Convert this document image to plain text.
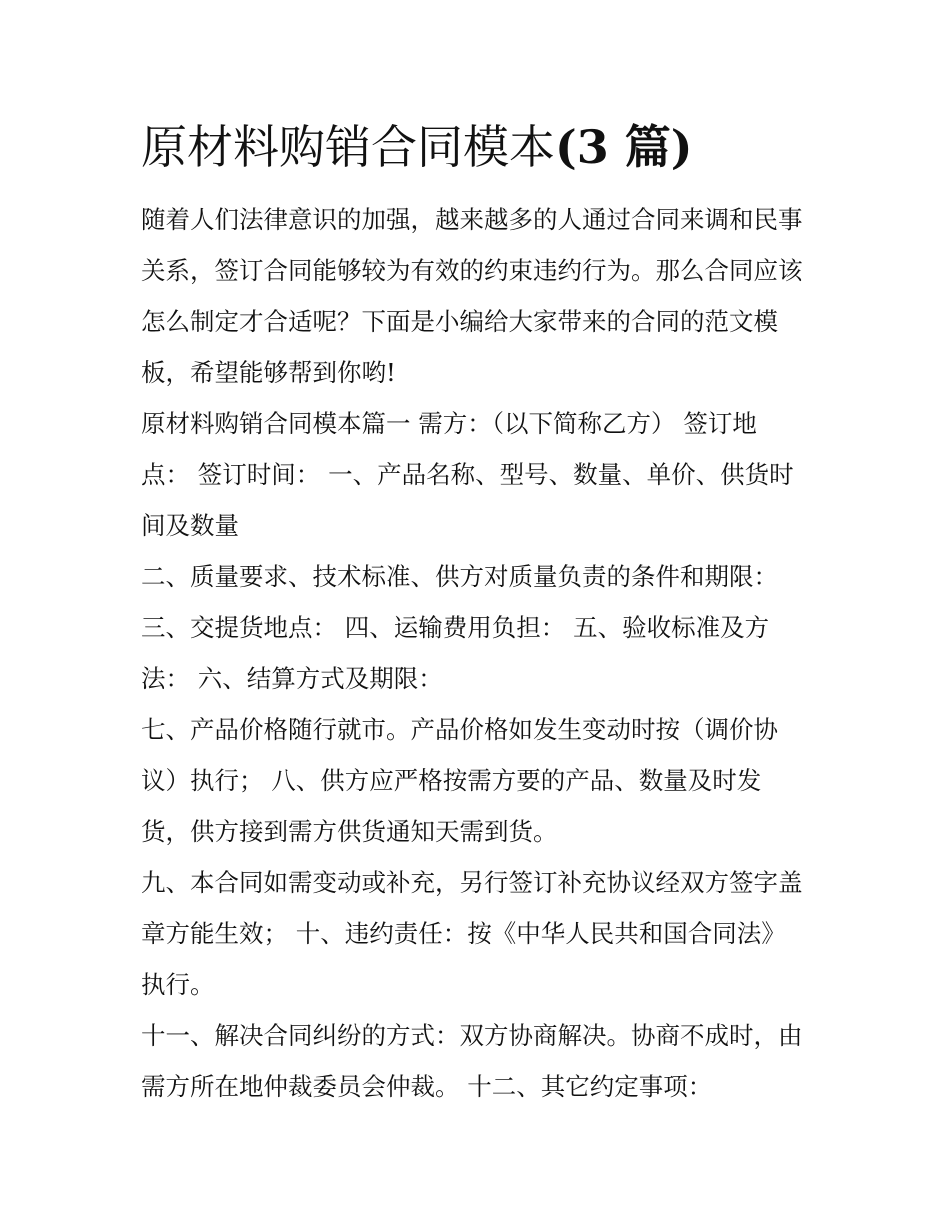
原材料购销合同模本(3 篇)

随着人们法律意识的加强，越来越多的人通过合同来调和民事

关系，签订合同能够较为有效的约束违约行为。那么合同应该

怎么制定才合适呢？下面是小编给大家带来的合同的范文模

板，希望能够帮到你哟!

原材料购销合同模本篇一 需方：（以下简称乙方） 签订地

点： 签订时间： 一、产品名称、型号、数量、单价、供货时

间及数量

二、质量要求、技术标准、供方对质量负责的条件和期限：

三、交提货地点： 四、运输费用负担： 五、验收标准及方

法： 六、结算方式及期限：

七、产品价格随行就市。产品价格如发生变动时按（调价协

议）执行； 八、供方应严格按需方要的产品、数量及时发

货，供方接到需方供货通知天需到货。

九、本合同如需变动或补充，另行签订补充协议经双方签字盖

章方能生效； 十、违约责任：按《中华人民共和国合同法》

执行。

十一、解决合同纠纷的方式：双方协商解决。协商不成时，由

需方所在地仲裁委员会仲裁。 十二、其它约定事项：
